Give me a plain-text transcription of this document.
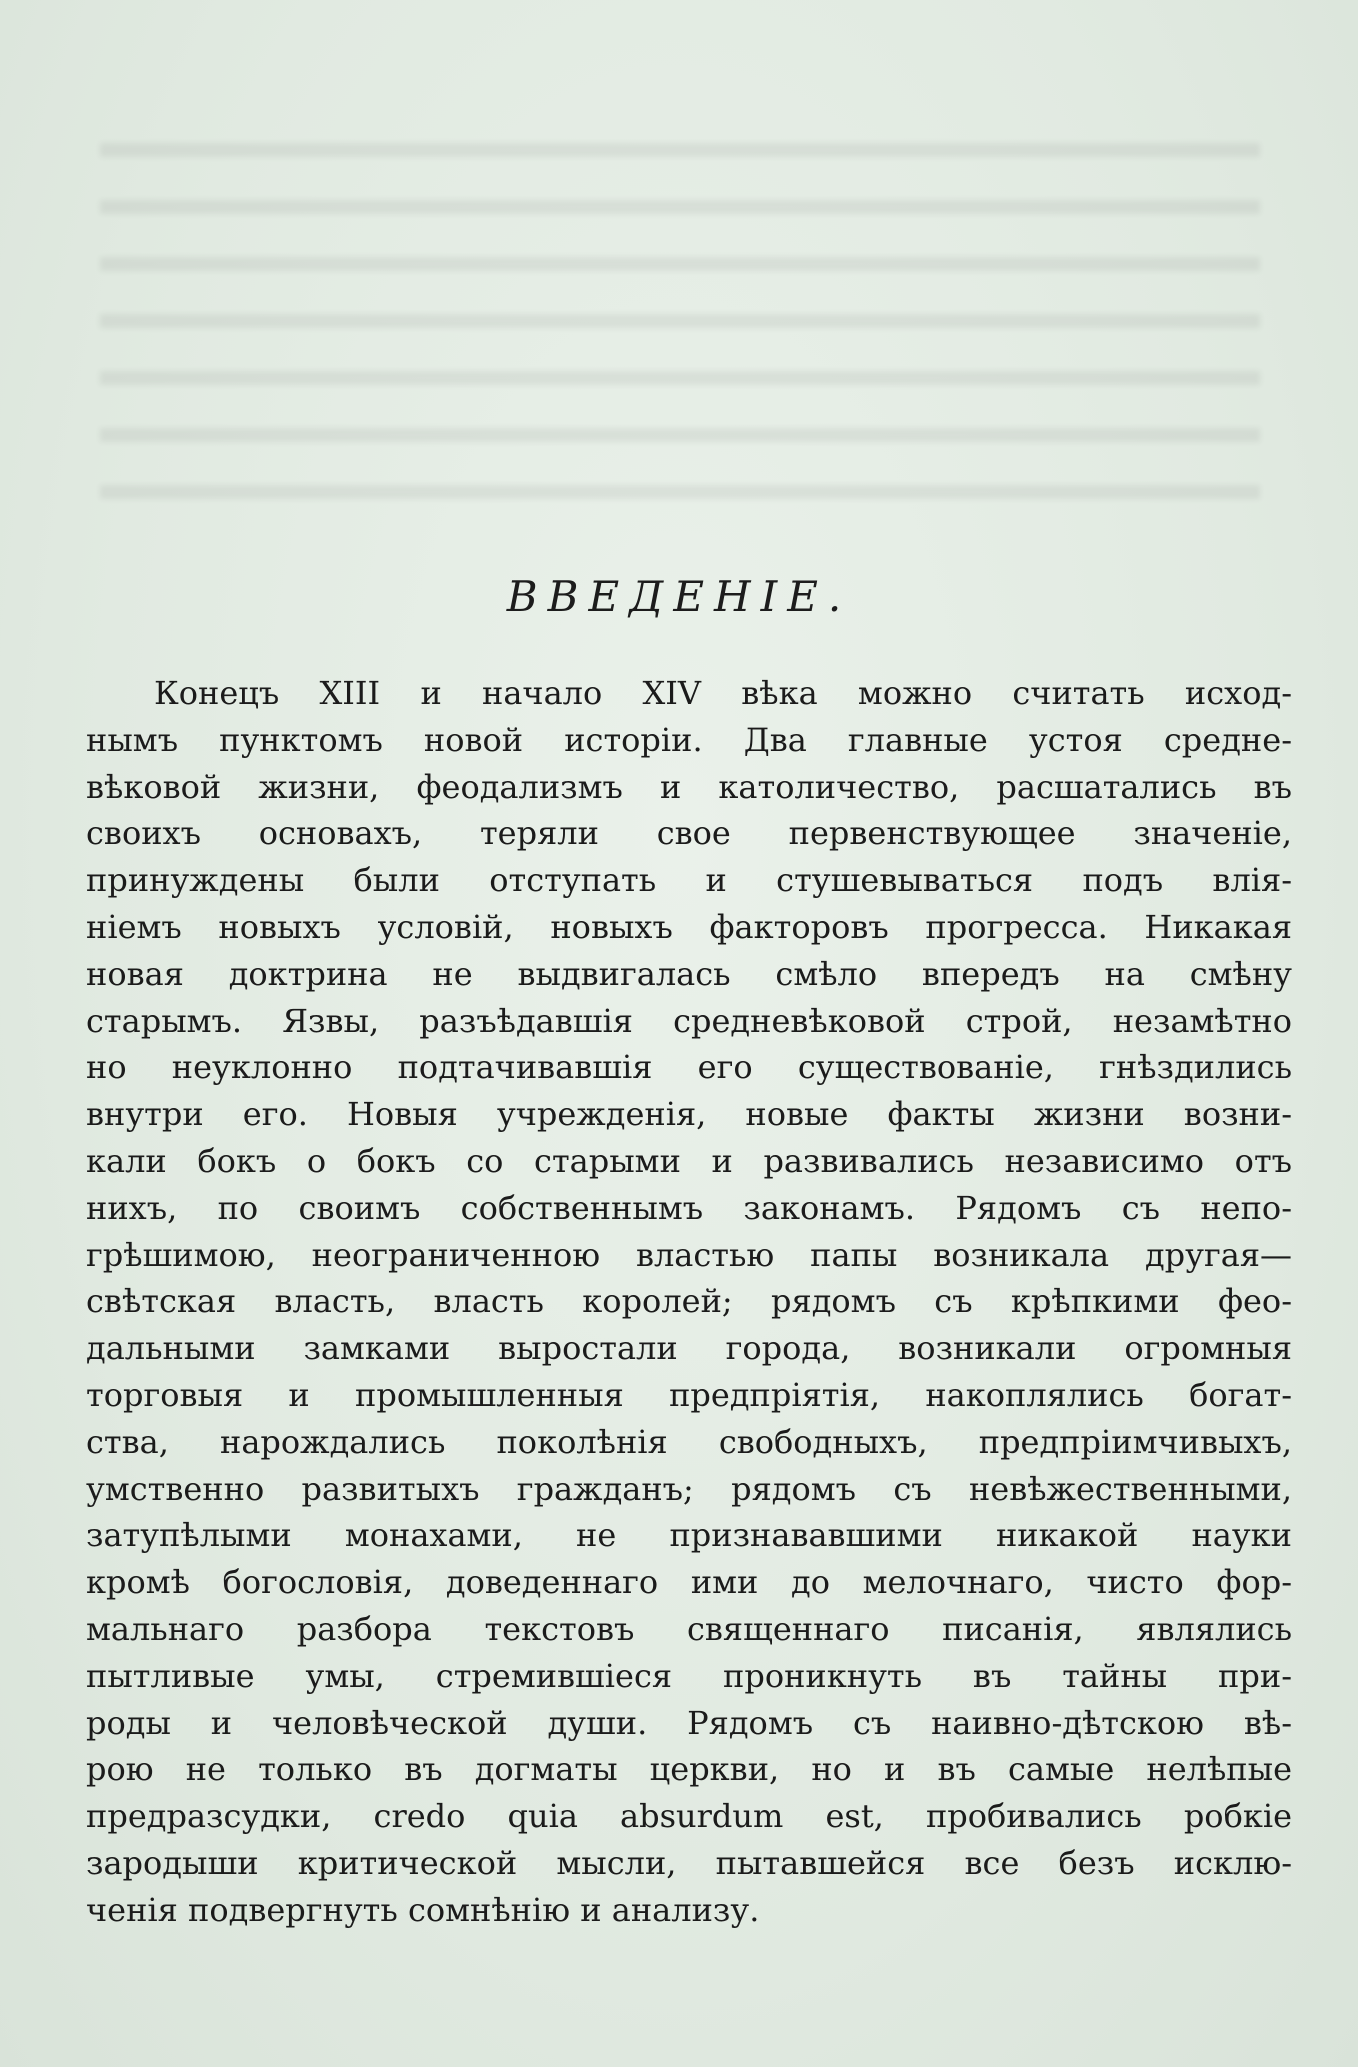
ВВЕДЕНІЕ.
Конецъ XIII и начало XIV вѣка можно считать исход-
нымъ пунктомъ новой исторіи. Два главные устоя средне-
вѣковой жизни, феодализмъ и католичество, расшатались въ
своихъ основахъ, теряли свое первенствующее значеніе,
принуждены были отступать и стушевываться подъ влія-
ніемъ новыхъ условій, новыхъ факторовъ прогресса. Никакая
новая доктрина не выдвигалась смѣло впередъ на смѣну
старымъ. Язвы, разъѣдавшія средневѣковой строй, незамѣтно
но неуклонно подтачивавшія его существованіе, гнѣздились
внутри его. Новыя учрежденія, новые факты жизни возни-
кали бокъ о бокъ со старыми и развивались независимо отъ
нихъ, по своимъ собственнымъ законамъ. Рядомъ съ непо-
грѣшимою, неограниченною властью папы возникала другая—
свѣтская власть, власть королей; рядомъ съ крѣпкими фео-
дальными замками выростали города, возникали огромныя
торговыя и промышленныя предпріятія, накоплялись богат-
ства, нарождались поколѣнія свободныхъ, предпріимчивыхъ,
умственно развитыхъ гражданъ; рядомъ съ невѣжественными,
затупѣлыми монахами, не признававшими никакой науки
кромѣ богословія, доведеннаго ими до мелочнаго, чисто фор-
мальнаго разбора текстовъ священнаго писанія, являлись
пытливые умы, стремившіеся проникнуть въ тайны при-
роды и человѣческой души. Рядомъ съ наивно-дѣтскою вѣ-
рою не только въ догматы церкви, но и въ самые нелѣпые
предразсудки, credo quia absurdum est, пробивались робкіе
зародыши критической мысли, пытавшейся все безъ исклю-
ченія подвергнуть сомнѣнію и анализу.
